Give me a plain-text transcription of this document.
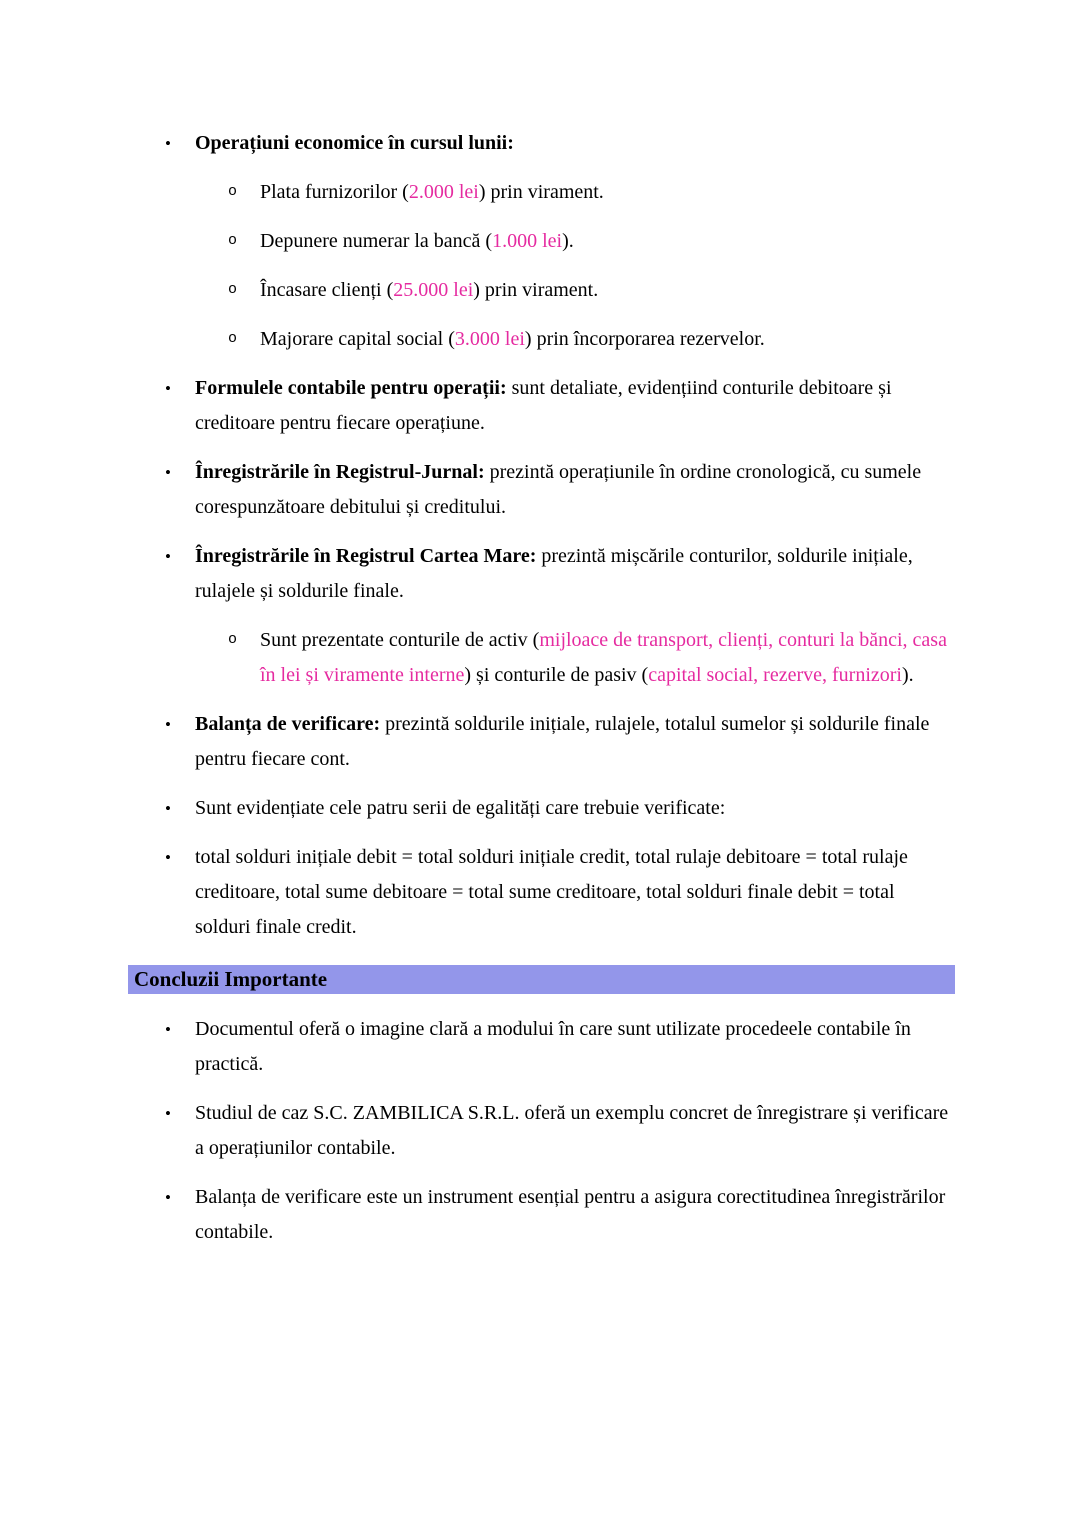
•	Operațiuni economice în cursul lunii:
o	Plata furnizorilor (2.000 lei) prin virament.
o	Depunere numerar la bancă (1.000 lei).
o	Încasare clienți (25.000 lei) prin virament.
o	Majorare capital social (3.000 lei) prin încorporarea rezervelor.
•	Formulele contabile pentru operații: sunt detaliate, evidențiind conturile debitoare și creditoare pentru fiecare operațiune.
•	Înregistrările în Registrul-Jurnal: prezintă operațiunile în ordine cronologică, cu sumele corespunzătoare debitului și creditului.
•	Înregistrările în Registrul Cartea Mare: prezintă mișcările conturilor, soldurile inițiale, rulajele și soldurile finale.
o	Sunt prezentate conturile de activ (mijloace de transport, clienți, conturi la bănci, casa în lei și viramente interne) și conturile de pasiv (capital social, rezerve, furnizori).
•	Balanța de verificare: prezintă soldurile inițiale, rulajele, totalul sumelor și soldurile finale pentru fiecare cont.
•	Sunt evidențiate cele patru serii de egalități care trebuie verificate:
•	total solduri inițiale debit = total solduri inițiale credit, total rulaje debitoare = total rulaje creditoare, total sume debitoare = total sume creditoare, total solduri finale debit = total solduri finale credit.
Concluzii Importante
•	Documentul oferă o imagine clară a modului în care sunt utilizate procedeele contabile în practică.
•	Studiul de caz S.C. ZAMBILICA S.R.L. oferă un exemplu concret de înregistrare și verificare a operațiunilor contabile.
•	Balanța de verificare este un instrument esențial pentru a asigura corectitudinea înregistrărilor contabile.
